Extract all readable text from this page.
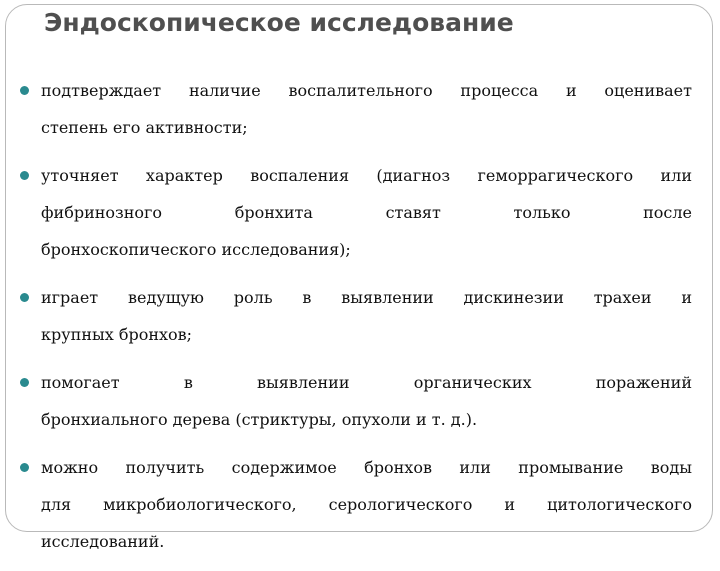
Эндоскопическое исследование
подтверждает наличие воспалительного процесса и оценивает
степень его активности;
уточняет характер воспаления (диагноз геморрагического или
фибринозного бронхита ставят только после
бронхоскопического исследования);
играет ведущую роль в выявлении дискинезии трахеи и
крупных бронхов;
помогает в выявлении органических поражений
бронхиального дерева (стриктуры, опухоли и т. д.).
можно получить содержимое бронхов или промывание воды
для микробиологического, серологического и цитологического
исследований.
